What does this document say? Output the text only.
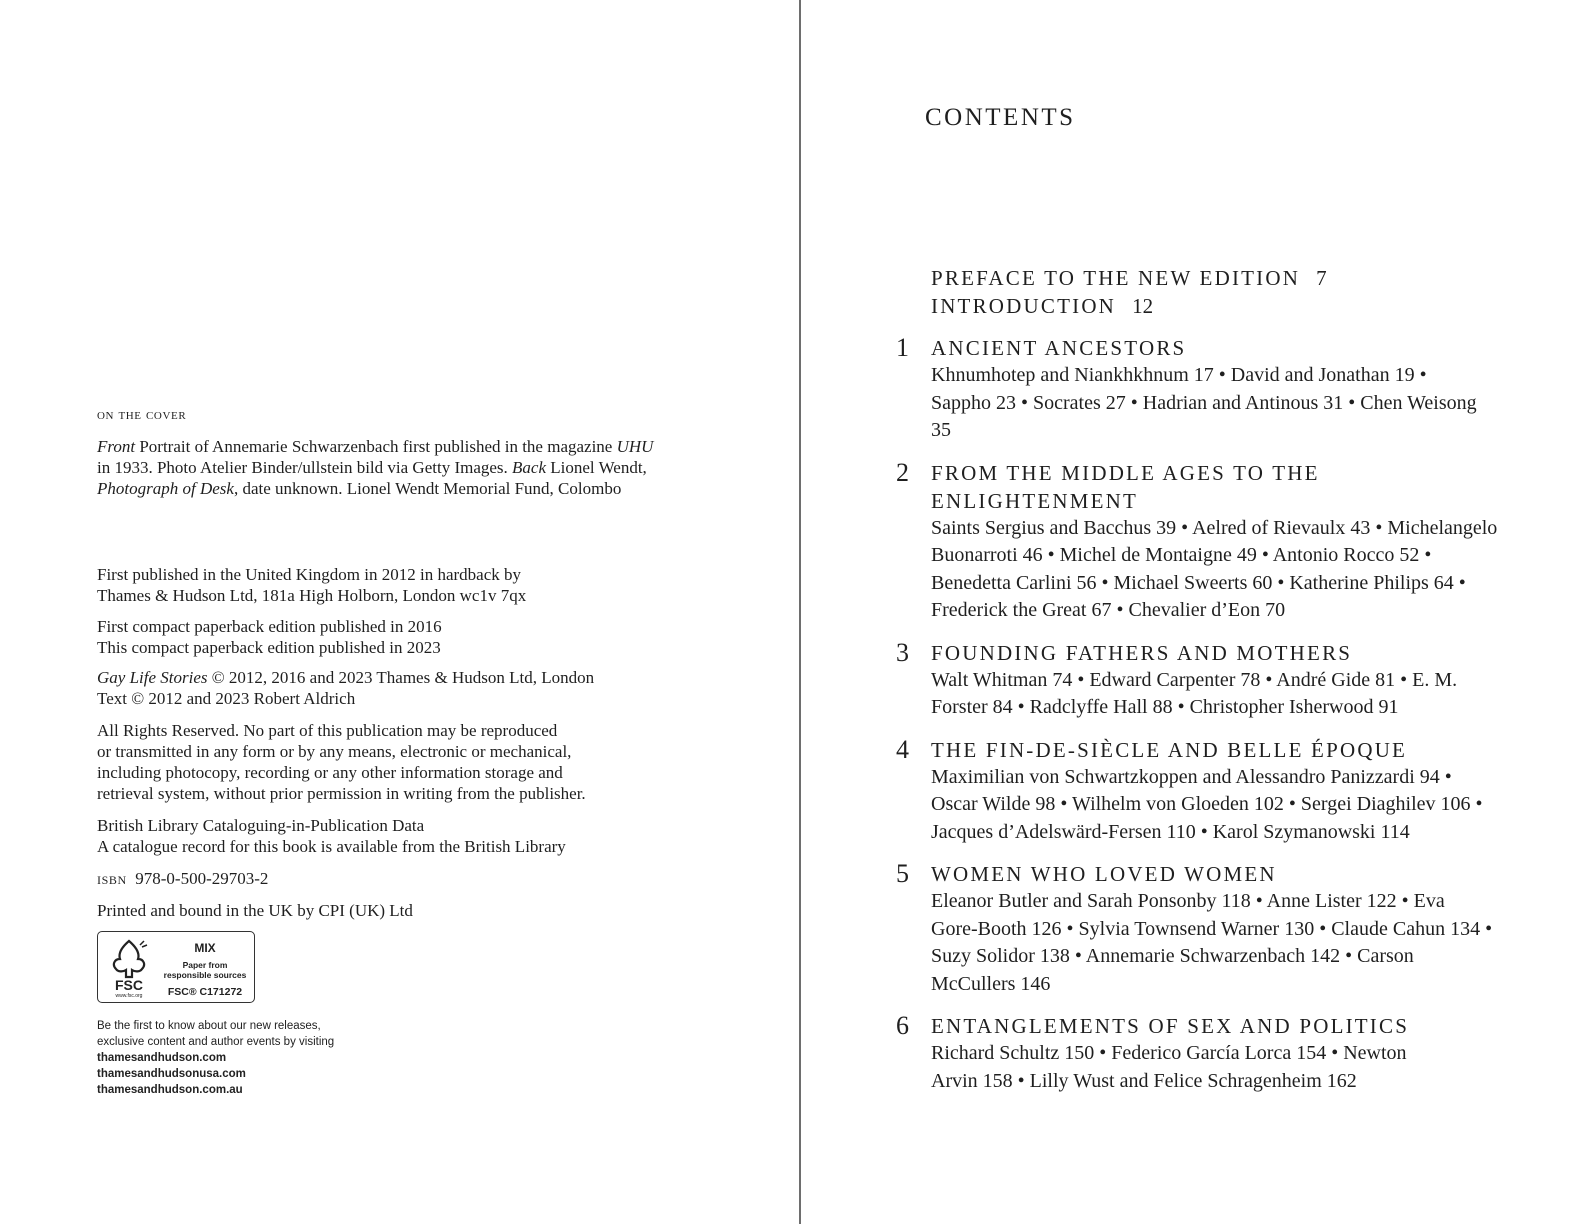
on the cover

Front Portrait of Annemarie Schwarzenbach first published in the magazine UHU in 1933. Photo Atelier Binder/ullstein bild via Getty Images. Back Lionel Wendt, Photograph of Desk, date unknown. Lionel Wendt Memorial Fund, Colombo

First published in the United Kingdom in 2012 in hardback by

Thames & Hudson Ltd, 181a High Holborn, London wc1v 7qx

First compact paperback edition published in 2016

This compact paperback edition published in 2023

Gay Life Stories © 2012, 2016 and 2023 Thames & Hudson Ltd, London

Text © 2012 and 2023 Robert Aldrich

All Rights Reserved. No part of this publication may be reproduced

or transmitted in any form or by any means, electronic or mechanical,

including photocopy, recording or any other information storage and

retrieval system, without prior permission in writing from the publisher.

British Library Cataloguing-in-Publication Data

A catalogue record for this book is available from the British Library

isbn 978-0-500-29703-2
Printed and bound in the UK by CPI (UK) Ltd
FSC
www.fsc.org
MIX
Paper from
responsible sources
FSC® C171272

Be the first to know about our new releases,

exclusive content and author events by visiting

thamesandhudson.com

thamesandhudsonusa.com

thamesandhudson.com.au

CONTENTS
PREFACE TO THE NEW EDITION 7
INTRODUCTION 12
1 ANCIENT ANCESTORS
Khnumhotep and Niankhkhnum 17 • David and Jonathan 19 • Sappho 23 • Socrates 27 • Hadrian and Antinous 31 • Chen Weisong 35
2 FROM THE MIDDLE AGES TO THE ENLIGHTENMENT
Saints Sergius and Bacchus 39 • Aelred of Rievaulx 43 • Michelangelo Buonarroti 46 • Michel de Montaigne 49 • Antonio Rocco 52 • Benedetta Carlini 56 • Michael Sweerts 60 • Katherine Philips 64 • Frederick the Great 67 • Chevalier d’Eon 70
3 FOUNDING FATHERS AND MOTHERS
Walt Whitman 74 • Edward Carpenter 78 • André Gide 81 • E. M. Forster 84 • Radclyffe Hall 88 • Christopher Isherwood 91
4 THE FIN-DE-SIÈCLE AND BELLE ÉPOQUE
Maximilian von Schwartzkoppen and Alessandro Panizzardi 94 • Oscar Wilde 98 • Wilhelm von Gloeden 102 • Sergei Diaghilev 106 • Jacques d’Adelswärd-Fersen 110 • Karol Szymanowski 114
5 WOMEN WHO LOVED WOMEN
Eleanor Butler and Sarah Ponsonby 118 • Anne Lister 122 • Eva Gore-Booth 126 • Sylvia Townsend Warner 130 • Claude Cahun 134 • Suzy Solidor 138 • Annemarie Schwarzenbach 142 • Carson McCullers 146
6 ENTANGLEMENTS OF SEX AND POLITICS
Richard Schultz 150 • Federico García Lorca 154 • Newton Arvin 158 • Lilly Wust and Felice Schragenheim 162
